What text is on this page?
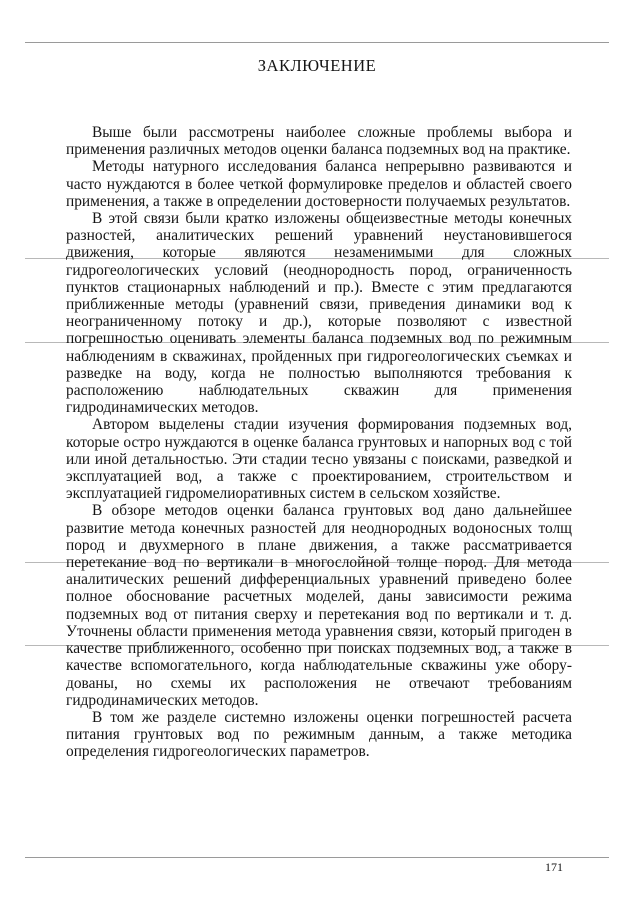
ЗАКЛЮЧЕНИЕ

Выше были рассмотрены наиболее сложные проблемы выбора и применения различных методов оценки баланса подземных вод на практике.

Методы натурного исследования баланса непрерывно развиваются и часто нуждаются в более четкой формулировке пределов и областей своего применения, а также в определении достоверности получаемых результатов.

В этой связи были кратко изложены общеизвестные методы конечных разностей, аналитических решений уравнений неустановившегося движения, которые являются незаменимыми для сложных гидрогеологических условий (неоднородность пород, ограниченность пунктов стационарных наблюдений и пр.). Вместе с этим предлагаются приближенные методы (уравнений связи, приведения динамики вод к неограниченному потоку и др.), которые позволяют с известной погрешностью оценивать элементы баланса подземных вод по режимным наблюдениям в скважинах, пройденных при гидрогеологических съемках и разведке на воду, когда не полностью выполняются требования к расположению наблюдательных скважин для применения гидродинамических методов.

Автором выделены стадии изучения формирования подземных вод, которые остро нуждаются в оценке баланса грунтовых и напорных вод с той или иной детальностью. Эти стадии тесно увязаны с поисками, разведкой и эксплуатацией вод, а также с проектированием, строительством и эксплуатацией гидромелиоративных систем в сельском хозяйстве.

В обзоре методов оценки баланса грунтовых вод дано дальнейшее развитие метода конечных разностей для неоднородных водоносных толщ пород и двухмерного в плане движения, а также рассматривается перетекание вод по вертикали в многослойной толще пород. Для метода аналитических решений дифференциальных уравнений приведено более полное обоснование расчетных моделей, даны зависимости режима подземных вод от питания сверху и перетекания вод по вертикали и т. д. Уточнены области применения метода уравнения связи, который пригоден в качестве приближенного, особенно при поисках подземных вод, а также в качестве вспомогательного, когда наблюдательные скважины уже оборудованы, но схемы их расположения не отвечают требованиям гидродинамических методов.

В том же разделе системно изложены оценки погрешностей расчета питания грунтовых вод по режимным данным, а также методика определения гидрогеологических параметров.

171
